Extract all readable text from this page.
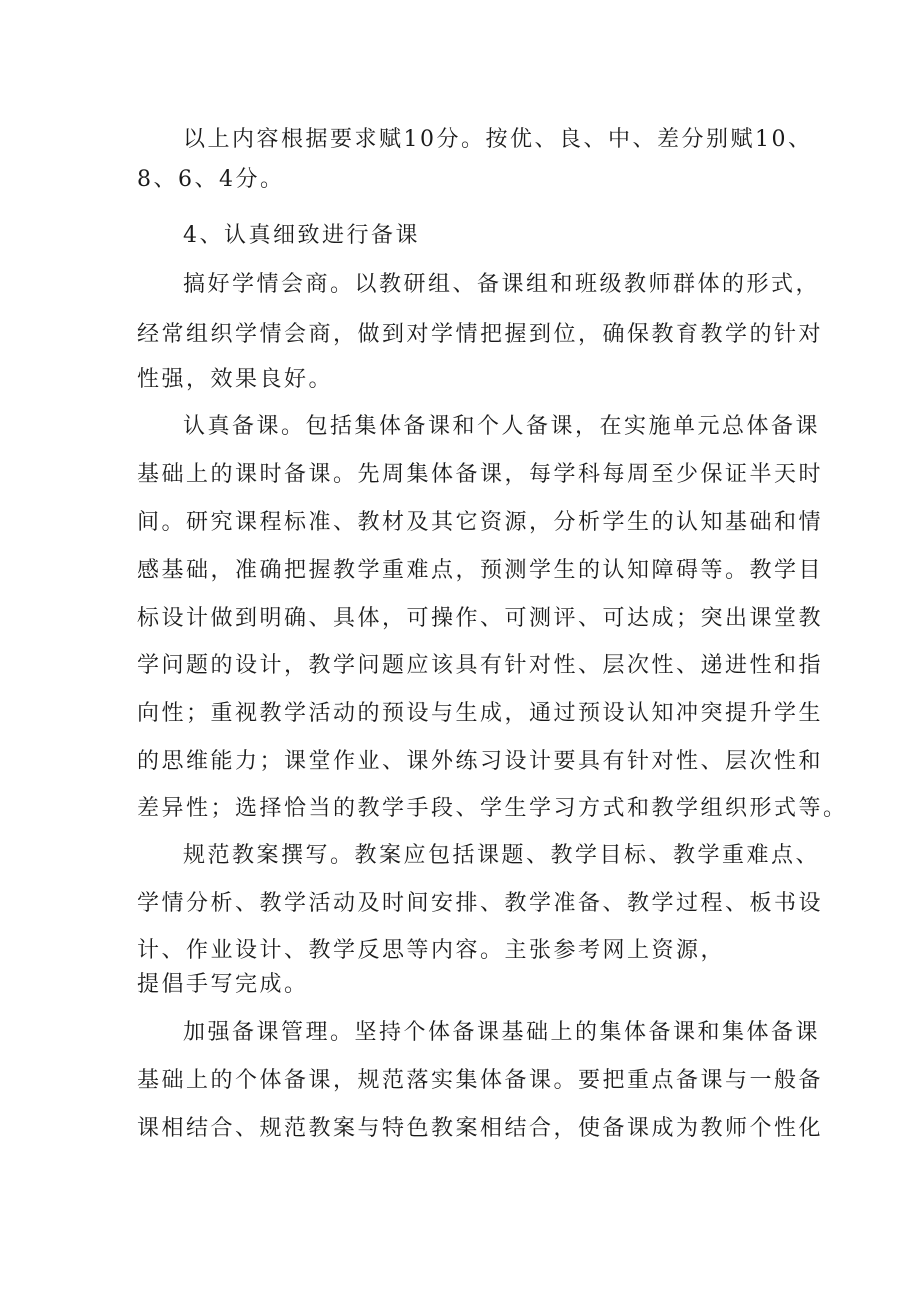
以上内容根据要求赋10分。按优、良、中、差分别赋10、
8、6、4分。
4、认真细致进行备课
搞好学情会商。以教研组、备课组和班级教师群体的形式，
经常组织学情会商，做到对学情把握到位，确保教育教学的针对
性强，效果良好。
认真备课。包括集体备课和个人备课，在实施单元总体备课
基础上的课时备课。先周集体备课，每学科每周至少保证半天时
间。研究课程标准、教材及其它资源，分析学生的认知基础和情
感基础，准确把握教学重难点，预测学生的认知障碍等。教学目
标设计做到明确、具体，可操作、可测评、可达成；突出课堂教
学问题的设计，教学问题应该具有针对性、层次性、递进性和指
向性；重视教学活动的预设与生成，通过预设认知冲突提升学生
的思维能力；课堂作业、课外练习设计要具有针对性、层次性和
差异性；选择恰当的教学手段、学生学习方式和教学组织形式等。
规范教案撰写。教案应包括课题、教学目标、教学重难点、
学情分析、教学活动及时间安排、教学准备、教学过程、板书设
计、作业设计、教学反思等内容。主张参考网上资源，
提倡手写完成。
加强备课管理。坚持个体备课基础上的集体备课和集体备课
基础上的个体备课，规范落实集体备课。要把重点备课与一般备
课相结合、规范教案与特色教案相结合，使备课成为教师个性化
